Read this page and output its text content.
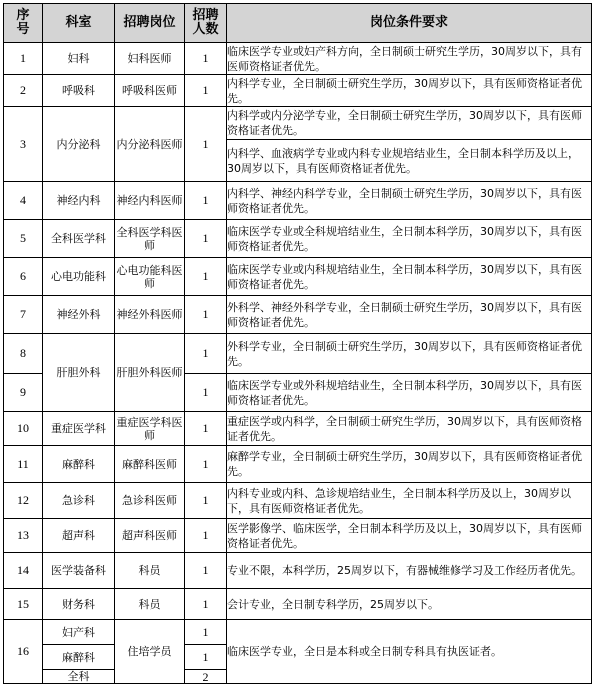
序号	科室	招聘岗位	招聘人数	岗位条件要求
1	妇科	妇科医师	1	临床医学专业或妇产科方向，全日制硕士研究生学历，30周岁以下，具有医师资格证者优先。
2	呼吸科	呼吸科医师	1	内科学专业，全日制硕士研究生学历，30周岁以下，具有医师资格证者优先。
3	内分泌科	内分泌科医师	1	内科学或内分泌学专业，全日制硕士研究生学历，30周岁以下，具有医师资格证者优先。
				内科学、血液病学专业或内科专业规培结业生，全日制本科学历及以上，30周岁以下，具有医师资格证者优先。
4	神经内科	神经内科医师	1	内科学、神经内科学专业，全日制硕士研究生学历，30周岁以下，具有医师资格证者优先。
5	全科医学科	全科医学科医师	1	临床医学专业或全科规培结业生，全日制本科学历，30周岁以下，具有医师资格证者优先。
6	心电功能科	心电功能科医师	1	临床医学专业或内科规培结业生，全日制本科学历，30周岁以下，具有医师资格证者优先。
7	神经外科	神经外科医师	1	外科学、神经外科学专业，全日制硕士研究生学历，30周岁以下，具有医师资格证者优先。
8	肝胆外科	肝胆外科医师	1	外科学专业，全日制硕士研究生学历，30周岁以下，具有医师资格证者优先。
9			1	临床医学专业或外科规培结业生，全日制本科学历，30周岁以下，具有医师资格证者优先。
10	重症医学科	重症医学科医师	1	重症医学或内科学，全日制硕士研究生学历，30周岁以下，具有医师资格证者优先。
11	麻醉科	麻醉科医师	1	麻醉学专业，全日制硕士研究生学历，30周岁以下，具有医师资格证者优先。
12	急诊科	急诊科医师	1	内科专业或内科、急诊规培结业生，全日制本科学历及以上，30周岁以下，具有医师资格证者优先。
13	超声科	超声科医师	1	医学影像学、临床医学，全日制本科学历及以上，30周岁以下，具有医师资格证者优先。
14	医学装备科	科员	1	专业不限，本科学历，25周岁以下，有器械维修学习及工作经历者优先。
15	财务科	科员	1	会计专业，全日制专科学历，25周岁以下。
16	妇产科	住培学员	1	临床医学专业，全日是本科或全日制专科具有执医证者。
	麻醉科		1	
	全科		2	
